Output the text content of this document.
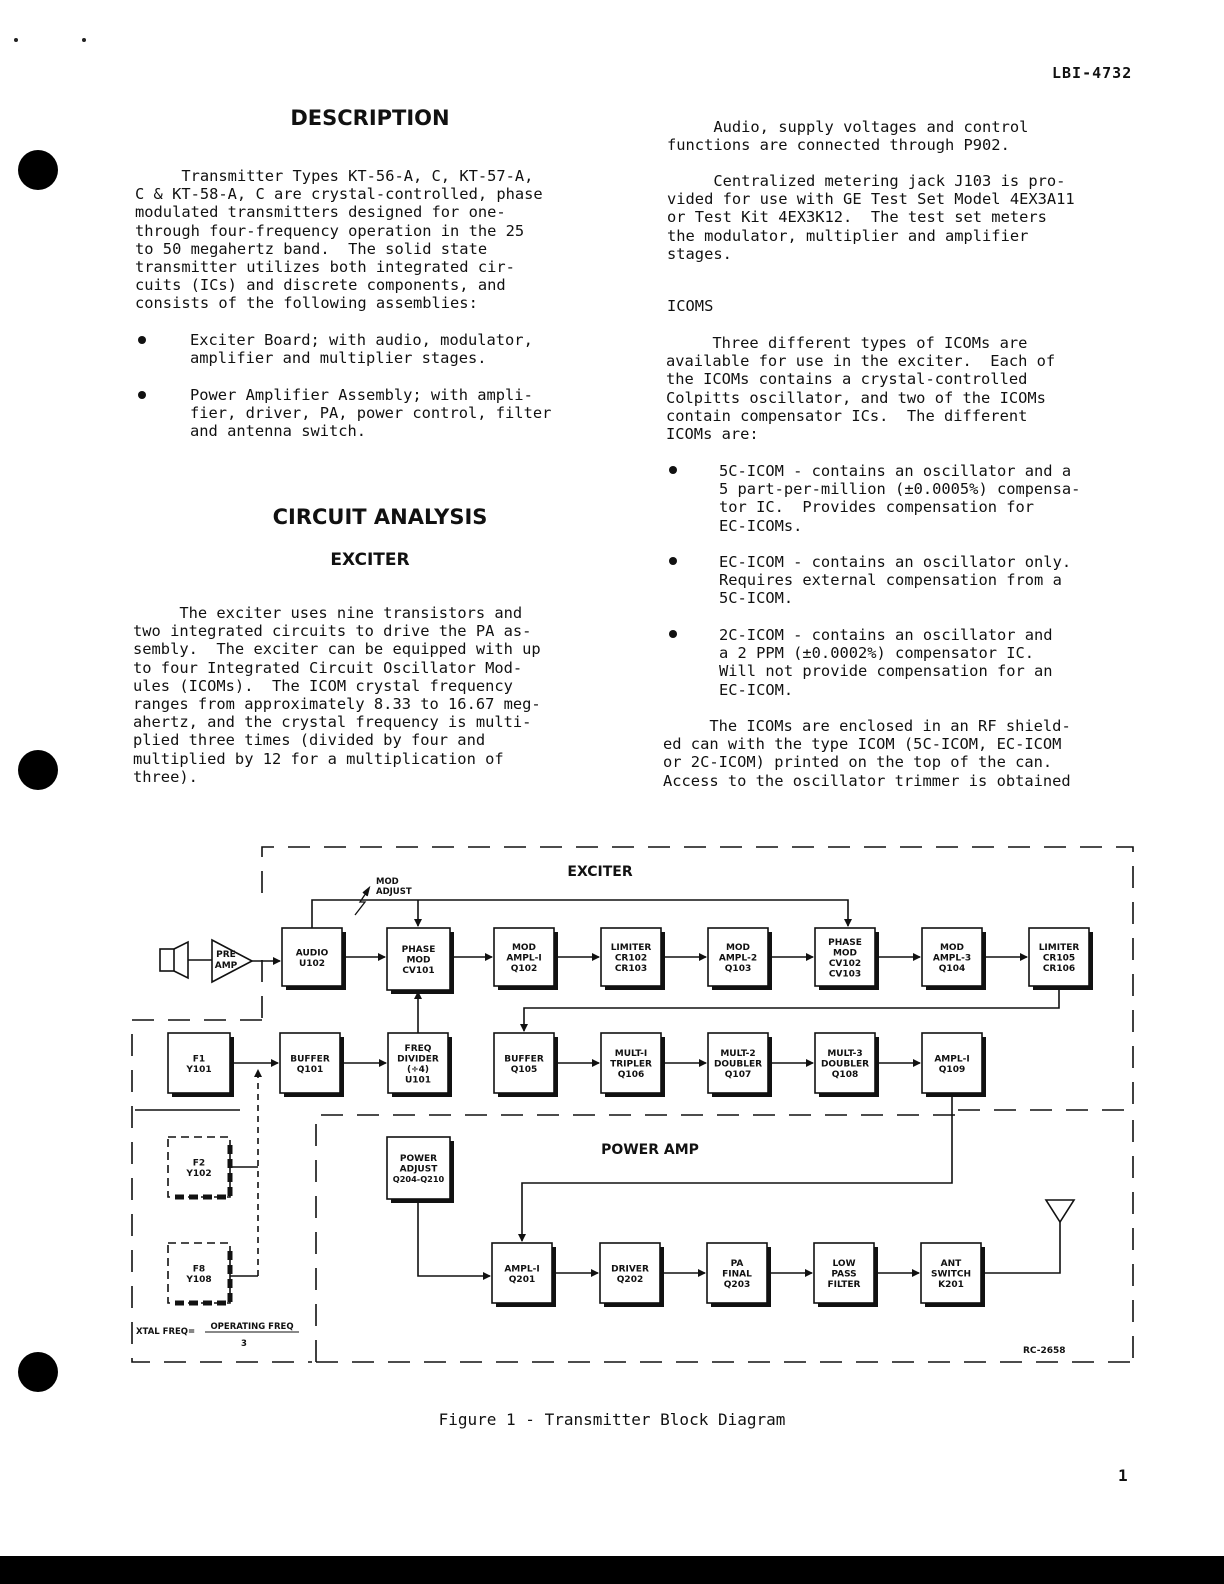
LBI-4732
DESCRIPTION
Transmitter Types KT-56-A, C, KT-57-A,
C & KT-58-A, C are crystal-controlled, phase
modulated transmitters designed for one-
through four-frequency operation in the 25
to 50 megahertz band.  The solid state
transmitter utilizes both integrated cir-
cuits (ICs) and discrete components, and
consists of the following assemblies:
Exciter Board; with audio, modulator,
amplifier and multiplier stages.
Power Amplifier Assembly; with ampli-
fier, driver, PA, power control, filter
and antenna switch.
CIRCUIT ANALYSIS
EXCITER
The exciter uses nine transistors and
two integrated circuits to drive the PA as-
sembly.  The exciter can be equipped with up
to four Integrated Circuit Oscillator Mod-
ules (ICOMs).  The ICOM crystal frequency
ranges from approximately 8.33 to 16.67 meg-
ahertz, and the crystal frequency is multi-
plied three times (divided by four and
multiplied by 12 for a multiplication of
three).
Audio, supply voltages and control
functions are connected through P902.
Centralized metering jack J103 is pro-
vided for use with GE Test Set Model 4EX3A11
or Test Kit 4EX3K12.  The test set meters
the modulator, multiplier and amplifier
stages.
ICOMS
Three different types of ICOMs are
available for use in the exciter.  Each of
the ICOMs contains a crystal-controlled
Colpitts oscillator, and two of the ICOMs
contain compensator ICs.  The different
ICOMs are:
5C-ICOM - contains an oscillator and a
5 part-per-million (±0.0005%) compensa-
tor IC.  Provides compensation for
EC-ICOMs.
EC-ICOM - contains an oscillator only.
Requires external compensation from a
5C-ICOM.
2C-ICOM - contains an oscillator and
a 2 PPM (±0.0002%) compensator IC.
Will not provide compensation for an
EC-ICOM.
The ICOMs are enclosed in an RF shield-
ed can with the type ICOM (5C-ICOM, EC-ICOM
or 2C-ICOM) printed on the top of the can.
Access to the oscillator trimmer is obtained
AUDIO
U102
PHASE
MOD
CV101
MOD
AMPL-I
Q102
LIMITER
CR102
CR103
MOD
AMPL-2
Q103
PHASE
MOD
CV102
CV103
MOD
AMPL-3
Q104
LIMITER
CR105
CR106
F1
Y101
BUFFER
Q101
FREQ
DIVIDER
(÷4)
U101
BUFFER
Q105
MULT-I
TRIPLER
Q106
MULT-2
DOUBLER
Q107
MULT-3
DOUBLER
Q108
AMPL-I
Q109
F2
Y102
F8
Y108
POWER
ADJUST
Q204-Q210
AMPL-I
Q201
DRIVER
Q202
PA
FINAL
Q203
LOW
PASS
FILTER
ANT
SWITCH
K201
EXCITER
POWER AMP
MOD
ADJUST
PRE
AMP
XTAL FREQ= OPERATING FREQ
3
RC-2658
Figure 1 - Transmitter Block Diagram
1
